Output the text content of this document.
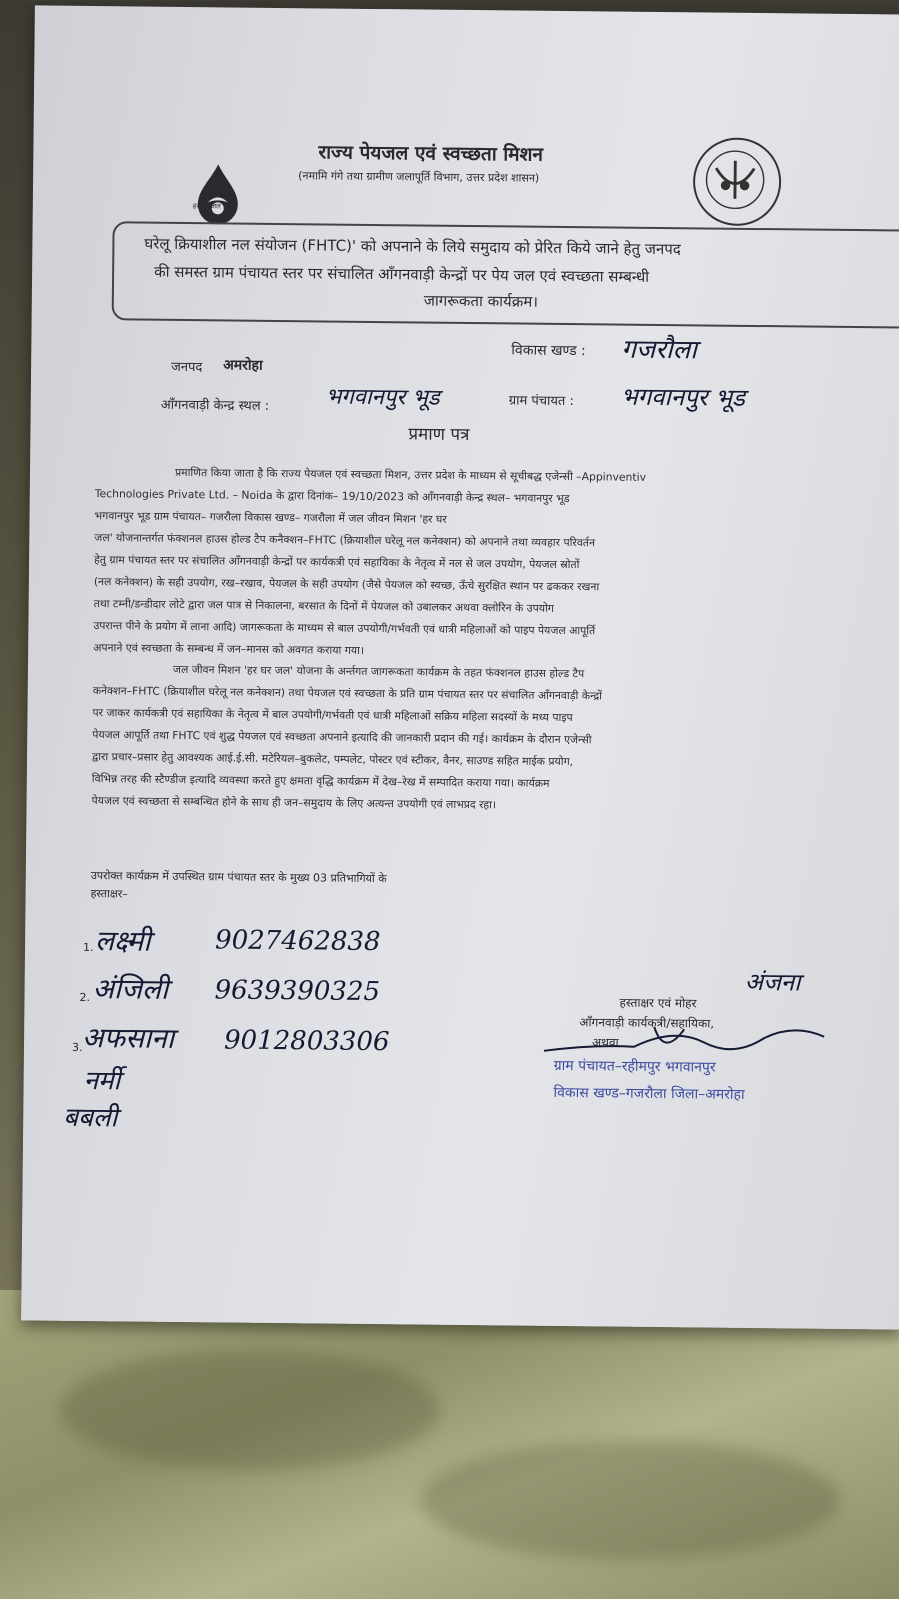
हर घर जल
राज्य पेयजल एवं स्वच्छता मिशन
(नमामि गंगे तथा ग्रामीण जलापूर्ति विभाग, उत्तर प्रदेश शासन)
घरेलू क्रियाशील नल संयोजन (FHTC)' को अपनाने के लिये समुदाय को प्रेरित किये जाने हेतु जनपद
की समस्त ग्राम पंचायत स्तर पर संचालित आँगनवाड़ी केन्द्रों पर पेय जल एवं स्वच्छता सम्बन्धी
जागरूकता कार्यक्रम।
विकास खण्ड : गजरौला
जनपद अमरोहा
आँगनवाड़ी केन्द्र स्थल :	भगवानपुर भूड	ग्राम पंचायत : भगवानपुर भूड
प्रमाण पत्र
प्रमाणित किया जाता है कि राज्य पेयजल एवं स्वच्छता मिशन, उत्तर प्रदेश के माध्यम से सूचीबद्ध एजेन्सी –Appinventiv
Technologies Private Ltd. – Noida के द्वारा दिनांक– 19/10/2023 को आँगनवाड़ी केन्द्र स्थल– भगवानपुर भूड
भगवानपुर भूड ग्राम पंचायत– गजरौला विकास खण्ड– गजरौला में जल जीवन मिशन 'हर घर
जल' योजनान्तर्गत फंक्शनल हाउस होल्ड टैप कनैक्शन–FHTC (क्रियाशील घरेलू नल कनेक्शन) को अपनाने तथा व्यवहार परिवर्तन
हेतु ग्राम पंचायत स्तर पर संचालित आँगनवाड़ी केन्द्रों पर कार्यकत्री एवं सहायिका के नेतृत्व में नल से जल उपयोग, पेयजल स्रोतों
(नल कनेक्शन) के सही उपयोग, रख–रखाव, पेयजल के सही उपयोग (जैसे पेयजल को स्वच्छ, ऊँचे सुरक्षित स्थान पर ढककर रखना
तथा टम्नी/डन्डीदार लोटे द्वारा जल पात्र से निकालना, बरसात के दिनों में पेयजल को उबालकर अथवा क्लोरिन के उपयोग
उपरान्त पीने के प्रयोग में लाना आदि) जागरूकता के माध्यम से बाल उपयोगी/गर्भवती एवं धात्री महिलाओं को पाइप पेयजल आपूर्ति
अपनाने एवं स्वच्छता के सम्बन्ध में जन–मानस को अवगत कराया गया।
जल जीवन मिशन 'हर घर जल' योजना के अर्न्तगत जागरूकता कार्यक्रम के तहत फंक्शनल हाउस होल्ड टैप
कनेक्शन–FHTC (क्रियाशील घरेलू नल कनेक्शन) तथा पेयजल एवं स्वच्छता के प्रति ग्राम पंचायत स्तर पर संचालित आँगनवाड़ी केन्द्रों
पर जाकर कार्यकत्री एवं सहायिका के नेतृत्व में बाल उपयोगी/गर्भवती एवं धात्री महिलाओं सक्रिय महिला सदस्यों के मध्य पाइप
पेयजल आपूर्ति तथा FHTC एवं शुद्ध पेयजल एवं स्वच्छता अपनाने इत्यादि की जानकारी प्रदान की गई। कार्यक्रम के दौरान एजेन्सी
द्वारा प्रचार–प्रसार हेतु आवश्यक आई.ई.सी. मटेरियल–बुकलेट, पम्पलेट, पोस्टर एवं स्टीकर, वैनर, साउण्ड सहित माईक प्रयोग,
विभिन्न तरह की स्टैण्डीज इत्यादि व्यवस्था करते हुए क्षमता वृद्धि कार्यक्रम में देख–रेख में सम्पादित कराया गया। कार्यक्रम
पेयजल एवं स्वच्छता से सम्बन्धित होने के साथ ही जन–समुदाय के लिए अत्यन्त उपयोगी एवं लाभप्रद रहा।
उपरोक्त कार्यक्रम में उपस्थित ग्राम पंचायत स्तर के मुख्य 03 प्रतिभागियों के
हस्ताक्षर–
1. लक्ष्मी 9027462838
2. अंजिली 9639390325
3. अफसाना 9012803306
नर्मी
बबली
अंजना
हस्ताक्षर एवं मोहर
आँगनवाड़ी कार्यकत्री/सहायिका,
अथवा
ग्राम पंचायत–रहीमपुर भगवानपुर
विकास खण्ड–गजरौला जिला–अमरोहा
